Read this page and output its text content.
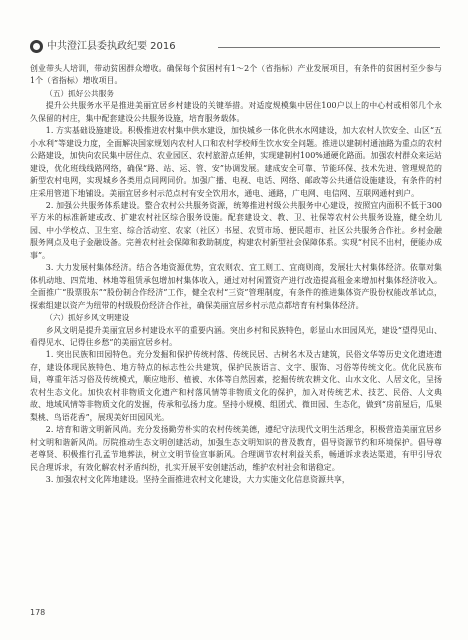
中共澄江县委执政纪要 2016

创业带头人培训，带动贫困群众增收。确保每个贫困村有1～2个（省指标）产业发展项目，有条件的贫困村至少参与1个（省指标）增收项目。

（五）抓好公共服务

提升公共服务水平是推进美丽宜居乡村建设的关键举措。对适度规模集中居住100户以上的中心村或相邻几个永久保留的村庄，集中配套建设公共服务设施，培育服务载体。

1. 方实基础设施建设。积极推进农村集中供水建设，加快城乡一体化供水水网建设，加大农村人饮安全、山区“五小水利”等建设力度，全面解决国家规划内农村人口和农村学校师生饮水安全问题。推进以建制村通油路为重点的农村公路建设，加快向农民集中居住点、农业园区、农村旅游点延伸，实现建制村100%通硬化路面。加强农村群众来运站建设，优化班线线路网络，确保“路、站、运、管、安”协调发展。建成安全可靠、节能环保、技术先进、管理规范的新型农村电网，实现城乡各类用点同网同价。加强广播、电视、电话、网络、邮政等公共通信设施建设，有条件的村庄采用管道下地铺设。美丽宜居乡村示范点村有安全饮用水，通电、通路，广电网、电信网、互联网通村到户。

2. 加强公共服务体系建设。整合农村公共服务资源，统筹推进村级公共服务中心建设，按照宜内面积不低于300平方米的标准新建或改、扩建农村社区综合服务设施。配套建设文、教、卫、社保等农村公共服务设施，健全幼儿园、中小学校点、卫生室、综合活动室、农家（社区）书屋、农贸市场、便民超市、社区公共服务合作社。乡村金融服务网点及电子金融设备。完善农村社会保障和救助制度，构建农村新型社会保障体系。实现“村民不出村，便能办成事”。

3. 大力发展村集体经济。结合各地资源优势，宜农则农、宜工则工、宜商则商，发展壮大村集体经济。依靠对集体机动地、四荒地、林地等租赁承包增加村集体收入，通过对村闲置资产进行改造提高租金来增加村集体经济收入。全面推广“股票股东”“股份制合作经济”工作，健全农村“三资”管理制度，有条件的推进集体资产股份权能改革试点，探索组建以资产为纽带的村级股份经济合作社，确保美丽宜居乡村示范点都培育有村集体经济。

（六）抓好乡风文明建设

乡风文明是提升美丽宜居乡村建设水平的重要内涵。突出乡村和民族特色，彰显山水田园风光，建设“望得见山、看得见水、记得住乡愁”的美丽宜居乡村。

1. 突出民族和田园特色。充分发掘和保护传统村落、传统民居、古树名木及古建筑，民俗文华等历史文化遗迹遗存，建设体现民族特色、地方特点的标志性公共建筑，保护民族语言、文字、服饰、习俗等传统文化。优化民族布局，尊重年活习俗及传统模式，顺应地形、植被、水体等自然因素，挖掘传统农耕文化、山水文化、人居文化，呈扬农村生态文化。加快农村非物质文化遗产和村落风情等非物质文化的保护，加入对传统艺术、技艺、民俗、人文典故、地域风情等非物质文化的发掘，传承和弘扬力度。坚持小规模、组团式、微田园、生态化，做到“房前屋后，瓜果梨桃、鸟语花香”，展现美好田园风光。

2. 培育和谐文明新风尚。充分发扬勤劳朴实的农村传统美德，遵纪守法现代文明生活理念，积极营造美丽宜居乡村文明和谐新风尚。厉院推动生态文明创建活动，加强生态文明知识的普及教育，倡导资源节约和环境保护。倡导尊老尊贤、积极推行孔孟节地葬法，树立文明节俭宣事新风。合理调节农村利益关系，畅通诉求表达渠道，有甲引导农民合理诉求，有效化解农村矛盾纠纷，扎实开展平安创建活动，维护农村社会和谐稳定。

3. 加强农村文化阵地建设。坚持全面推进农村文化建设，大力实施文化信息资源共享，

178
